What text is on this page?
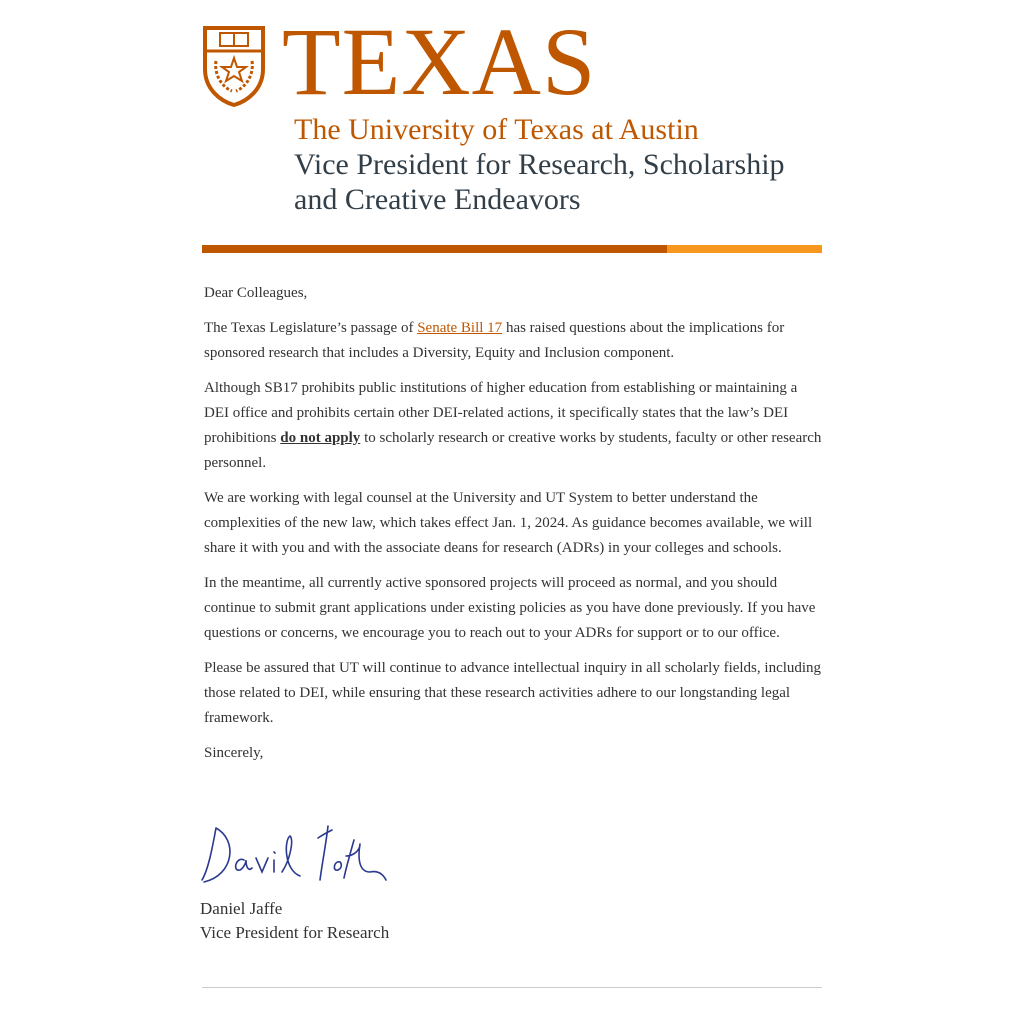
TEXAS
The University of Texas at Austin
Vice President for Research, Scholarship
and Creative Endeavors

Dear Colleagues,

The Texas Legislature’s passage of Senate Bill 17 has raised questions about the implications for sponsored research that includes a Diversity, Equity and Inclusion component.

Although SB17 prohibits public institutions of higher education from establishing or maintaining a DEI office and prohibits certain other DEI-related actions, it specifically states that the law’s DEI prohibitions do not apply to scholarly research or creative works by students, faculty or other research personnel.

We are working with legal counsel at the University and UT System to better understand the complexities of the new law, which takes effect Jan. 1, 2024. As guidance becomes available, we will share it with you and with the associate deans for research (ADRs) in your colleges and schools.

In the meantime, all currently active sponsored projects will proceed as normal, and you should continue to submit grant applications under existing policies as you have done previously. If you have questions or concerns, we encourage you to reach out to your ADRs for support or to our office.

Please be assured that UT will continue to advance intellectual inquiry in all scholarly fields, including those related to DEI, while ensuring that these research activities adhere to our longstanding legal framework.

Sincerely,

Daniel Jaffe
Vice President for Research
